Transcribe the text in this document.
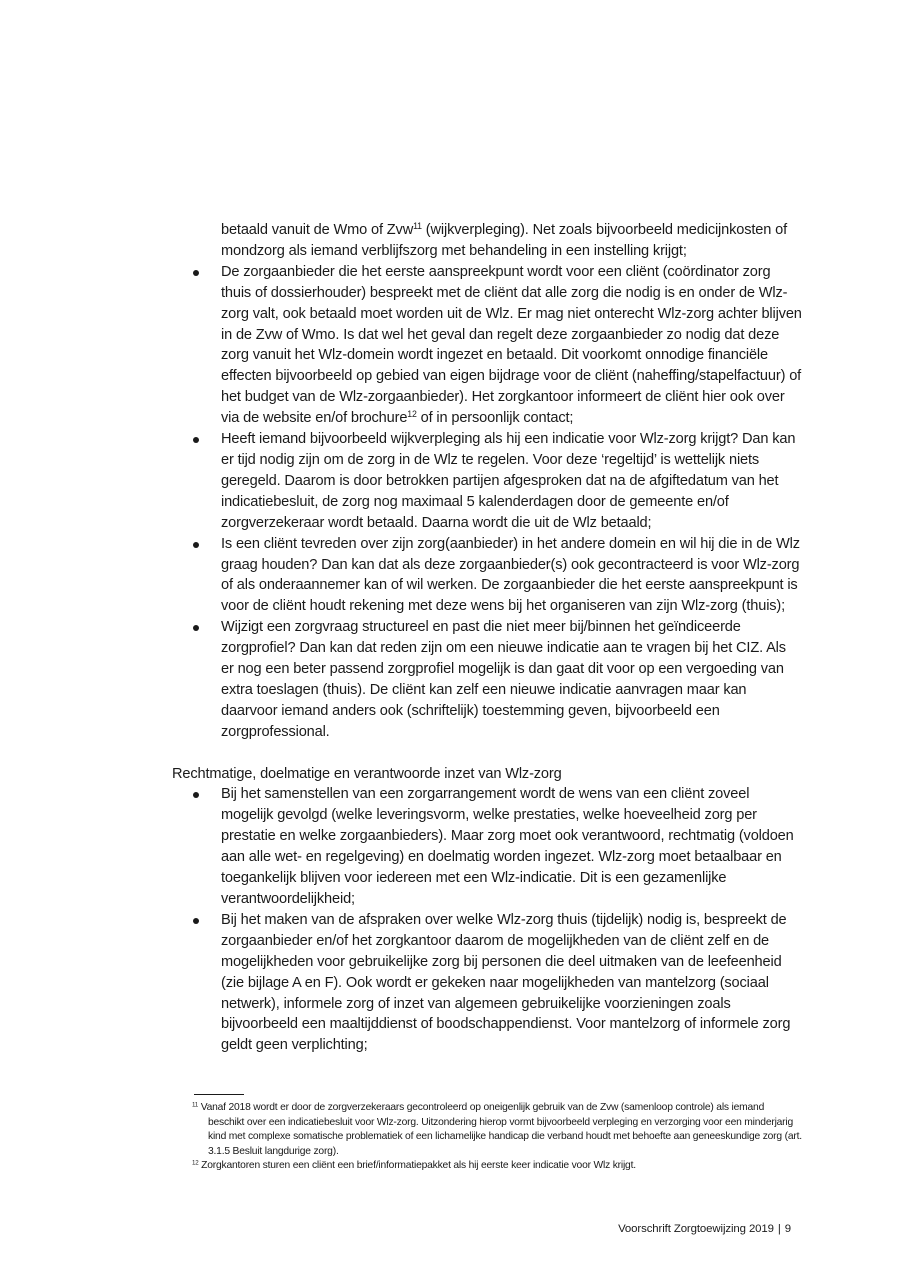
betaald vanuit de Wmo of Zvw$^{11}$ (wijkverpleging). Net zoals bijvoorbeeld medicijnkosten of mondzorg als iemand verblijfszorg met behandeling in een instelling krijgt;
De zorgaanbieder die het eerste aanspreekpunt wordt voor een cliënt (coördinator zorg thuis of dossierhouder) bespreekt met de cliënt dat alle zorg die nodig is en onder de Wlz-zorg valt, ook betaald moet worden uit de Wlz. Er mag niet onterecht Wlz-zorg achter blijven in de Zvw of Wmo. Is dat wel het geval dan regelt deze zorgaanbieder zo nodig dat deze zorg vanuit het Wlz-domein wordt ingezet en betaald. Dit voorkomt onnodige financiële effecten bijvoorbeeld op gebied van eigen bijdrage voor de cliënt (naheffing/stapelfactuur) of het budget van de Wlz-zorgaanbieder). Het zorgkantoor informeert de cliënt hier ook over via de website en/of brochure$^{12}$ of in persoonlijk contact;
Heeft iemand bijvoorbeeld wijkverpleging als hij een indicatie voor Wlz-zorg krijgt? Dan kan er tijd nodig zijn om de zorg in de Wlz te regelen. Voor deze ‘regeltijd’ is wettelijk niets geregeld. Daarom is door betrokken partijen afgesproken dat na de afgiftedatum van het indicatiebesluit, de zorg nog maximaal 5 kalenderdagen door de gemeente en/of zorgverzekeraar wordt betaald. Daarna wordt die uit de Wlz betaald;
Is een cliënt tevreden over zijn zorg(aanbieder) in het andere domein en wil hij die in de Wlz graag houden? Dan kan dat als deze zorgaanbieder(s) ook gecontracteerd is voor Wlz-zorg of als onderaannemer kan of wil werken. De zorgaanbieder die het eerste aanspreekpunt is voor de cliënt houdt rekening met deze wens bij het organiseren van zijn Wlz-zorg (thuis);
Wijzigt een zorgvraag structureel en past die niet meer bij/binnen het geïndiceerde zorgprofiel? Dan kan dat reden zijn om een nieuwe indicatie aan te vragen bij het CIZ. Als er nog een beter passend zorgprofiel mogelijk is dan gaat dit voor op een vergoeding van extra toeslagen (thuis). De cliënt kan zelf een nieuwe indicatie aanvragen maar kan daarvoor iemand anders ook (schriftelijk) toestemming geven, bijvoorbeeld een zorgprofessional.
Rechtmatige, doelmatige en verantwoorde inzet van Wlz-zorg
Bij het samenstellen van een zorgarrangement wordt de wens van een cliënt zoveel mogelijk gevolgd (welke leveringsvorm, welke prestaties, welke hoeveelheid zorg per prestatie en welke zorgaanbieders). Maar zorg moet ook verantwoord, rechtmatig (voldoen aan alle wet- en regelgeving) en doelmatig worden ingezet. Wlz-zorg moet betaalbaar en toegankelijk blijven voor iedereen met een Wlz-indicatie. Dit is een gezamenlijke verantwoordelijkheid;
Bij het maken van de afspraken over welke Wlz-zorg thuis (tijdelijk) nodig is, bespreekt de zorgaanbieder en/of het zorgkantoor daarom de mogelijkheden van de cliënt zelf en de mogelijkheden voor gebruikelijke zorg bij personen die deel uitmaken van de leefeenheid (zie bijlage A en F). Ook wordt er gekeken naar mogelijkheden van mantelzorg (sociaal netwerk), informele zorg of inzet van algemeen gebruikelijke voorzieningen zoals bijvoorbeeld een maaltijddienst of boodschappendienst. Voor mantelzorg of informele zorg geldt geen verplichting;
$^{11}$ Vanaf 2018 wordt er door de zorgverzekeraars gecontroleerd op oneigenlijk gebruik van de Zvw (samenloop controle) als iemand beschikt over een indicatiebesluit voor Wlz-zorg. Uitzondering hierop vormt bijvoorbeeld verpleging en verzorging voor een minderjarig kind met complexe somatische problematiek of een lichamelijke handicap die verband houdt met behoefte aan geneeskundige zorg (art. 3.1.5 Besluit langdurige zorg).
$^{12}$ Zorgkantoren sturen een cliënt een brief/informatiepakket als hij eerste keer indicatie voor Wlz krijgt.
Voorschrift Zorgtoewijzing 2019 | 9
